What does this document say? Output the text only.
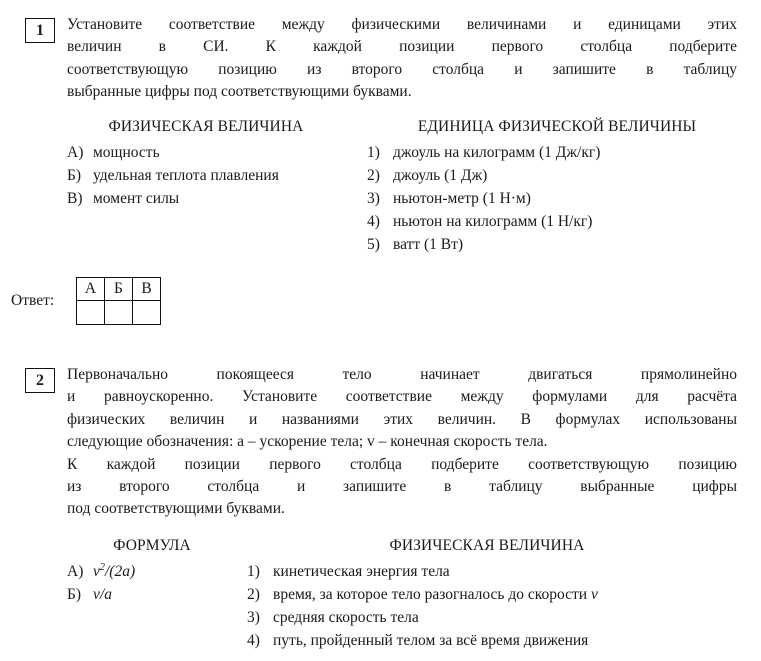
1	Установите соответствие между физическими величинами и единицами этих
величин в СИ. К каждой позиции первого столбца подберите
соответствующую позицию из второго столбца и запишите в таблицу
выбранные цифры под соответствующими буквами.
ФИЗИЧЕСКАЯ ВЕЛИЧИНА
А) мощность
Б) удельная теплота плавления
В) момент силы
ЕДИНИЦА ФИЗИЧЕСКОЙ ВЕЛИЧИНЫ
1) джоуль на килограмм (1 Дж/кг)
2) джоуль (1 Дж)
3) ньютон-метр (1 Н·м)
4) ньютон на килограмм (1 Н/кг)
5) ватт (1 Вт)
Ответ:
А	Б	В

2	Первоначально покоящееся тело начинает двигаться прямолинейно
и равноускоренно. Установите соответствие между формулами для расчёта
физических величин и названиями этих величин. В формулах использованы
следующие обозначения: a – ускорение тела; v – конечная скорость тела.
К каждой позиции первого столбца подберите соответствующую позицию
из второго столбца и запишите в таблицу выбранные цифры
под соответствующими буквами.
ФОРМУЛА
А) $v^2/(2a)$
Б) v/a
ФИЗИЧЕСКАЯ ВЕЛИЧИНА
1) кинетическая энергия тела
2) время, за которое тело разогналось до скорости v
3) средняя скорость тела
4) путь, пройденный телом за всё время движения
